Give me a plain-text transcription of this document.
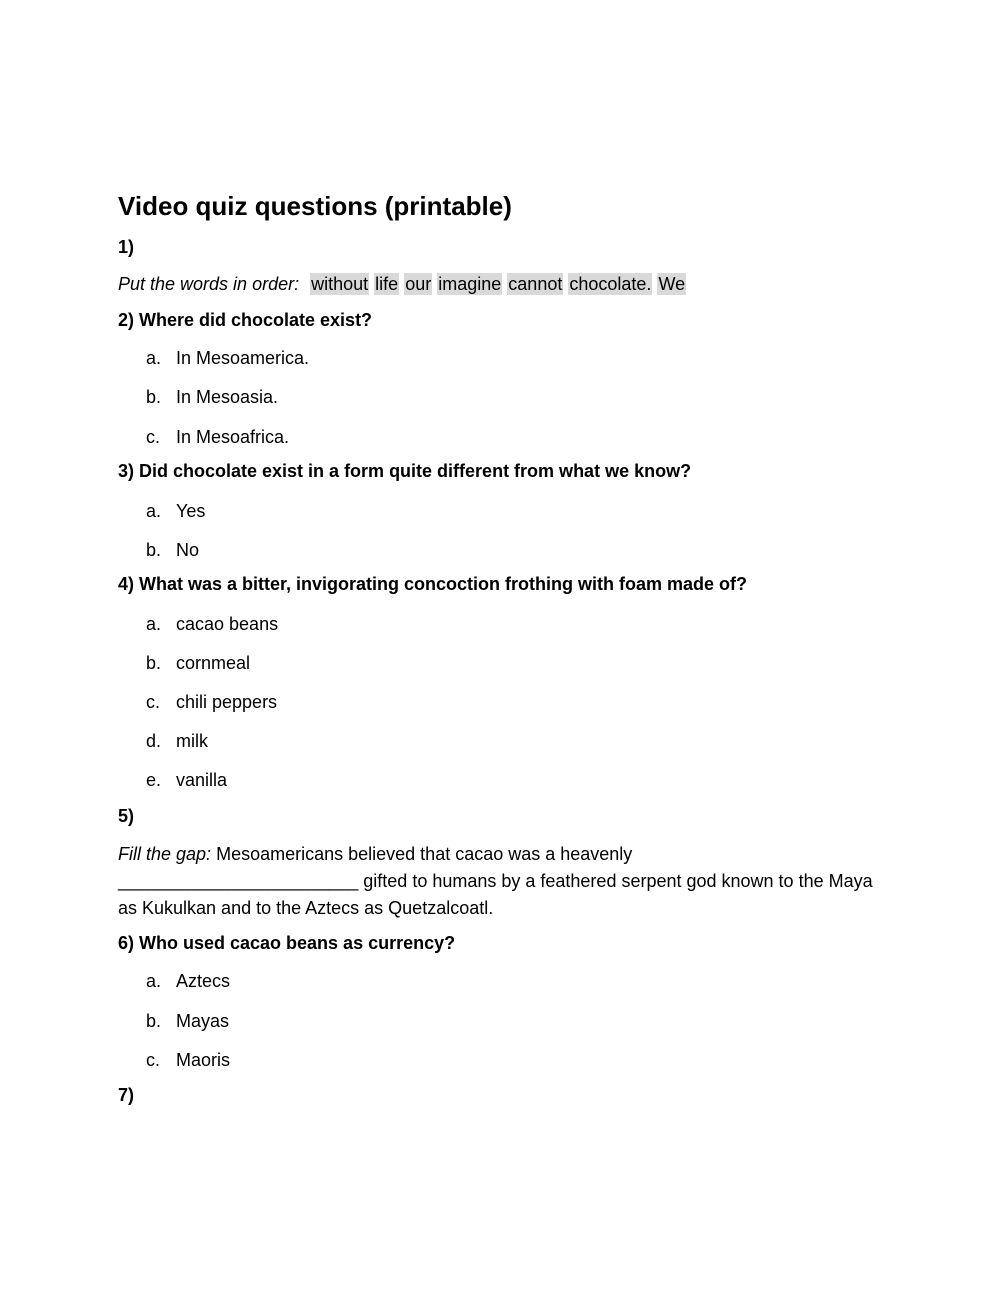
Video quiz questions (printable)
1)
Put the words in order: without life our imagine cannot chocolate. We
2) Where did chocolate exist?
a. In Mesoamerica.
b. In Mesoasia.
c. In Mesoafrica.
3) Did chocolate exist in a form quite different from what we know?
a. Yes
b. No
4) What was a bitter, invigorating concoction frothing with foam made of?
a. cacao beans
b. cornmeal
c. chili peppers
d. milk
e. vanilla
5)
Fill the gap: Mesoamericans believed that cacao was a heavenly
________________________ gifted to humans by a feathered serpent god known to the Maya as Kukulkan and to the Aztecs as Quetzalcoatl.
6) Who used cacao beans as currency?
a. Aztecs
b. Mayas
c. Maoris
7)
